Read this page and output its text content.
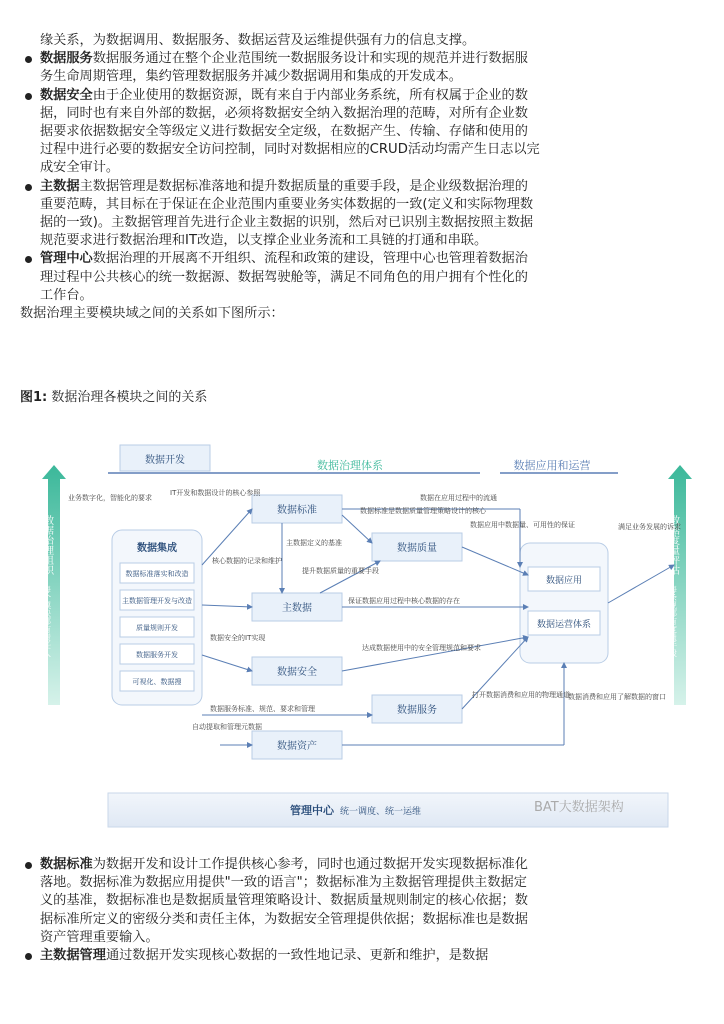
缘关系，为数据调用、数据服务、数据运营及运维提供强有力的信息支撑。

数据服务数据服务通过在整个企业范围统一数据服务设计和实现的规范并进行数据服务生命周期管理，集约管理数据服务并减少数据调用和集成的开发成本。
数据安全由于企业使用的数据资源，既有来自于内部业务系统，所有权属于企业的数据，同时也有来自外部的数据，必须将数据安全纳入数据治理的范畴，对所有企业数据要求依据数据安全等级定义进行数据安全定级，在数据产生、传输、存储和使用的过程中进行必要的数据安全访问控制，同时对数据相应的CRUD活动均需产生日志以完成安全审计。
主数据主数据管理是数据标准落地和提升数据质量的重要手段，是企业级数据治理的重要范畴，其目标在于保证在企业范围内重要业务实体数据的一致(定义和实际物理数据的一致)。主数据管理首先进行企业主数据的识别，然后对已识别主数据按照主数据规范要求进行数据治理和IT改造，以支撑企业业务流和工具链的打通和串联。
管理中心数据治理的开展离不开组织、流程和政策的建设，管理中心也管理着数据治理过程中公共核心的统一数据源、数据驾驶舱等，满足不同角色的用户拥有个性化的工作台。

数据治理主要模块域之间的关系如下图所示：

图1: 数据治理各模块之间的关系
数据开发	数据治理体系	数据应用和运营
数据治理组织
每个模块都有责任人
数据度量评估
每条规都有度量手段
数据集成
数据标准落实和改造
主数据管理开发与改造
质量规则开发
数据服务开发
可视化、数据搜
数据标准
数据质量
主数据
数据安全
数据服务
数据资产
数据应用
数据运营体系
业务数字化，智能化的要求
IT开发和数据设计的核心参照
核心数据的记录和维护
主数据定义的基准
数据标准是数据质量管理策略设计的核心
数据在应用过程中的流通
提升数据质量的重要手段
数据应用中数据量、可用性的保证
保证数据应用过程中核心数据的存在
数据安全的IT实现
达成数据使用中的安全管理规范和要求
数据服务标准、规范、要求和管理
打开数据消费和应用的物理通道
自动提取和管理元数据
数据消费和应用了解数据的窗口
满足业务发展的诉求
管理中心 统一调度、统一运维	BAT大数据架构
数据标准为数据开发和设计工作提供核心参考，同时也通过数据开发实现数据标准化落地。数据标准为数据应用提供"一致的语言"；数据标准为主数据管理提供主数据定义的基准，数据标准也是数据质量管理策略设计、数据质量规则制定的核心依据；数据标准所定义的密级分类和责任主体，为数据安全管理提供依据；数据标准也是数据资产管理重要输入。
主数据管理通过数据开发实现核心数据的一致性地记录、更新和维护，是数据
